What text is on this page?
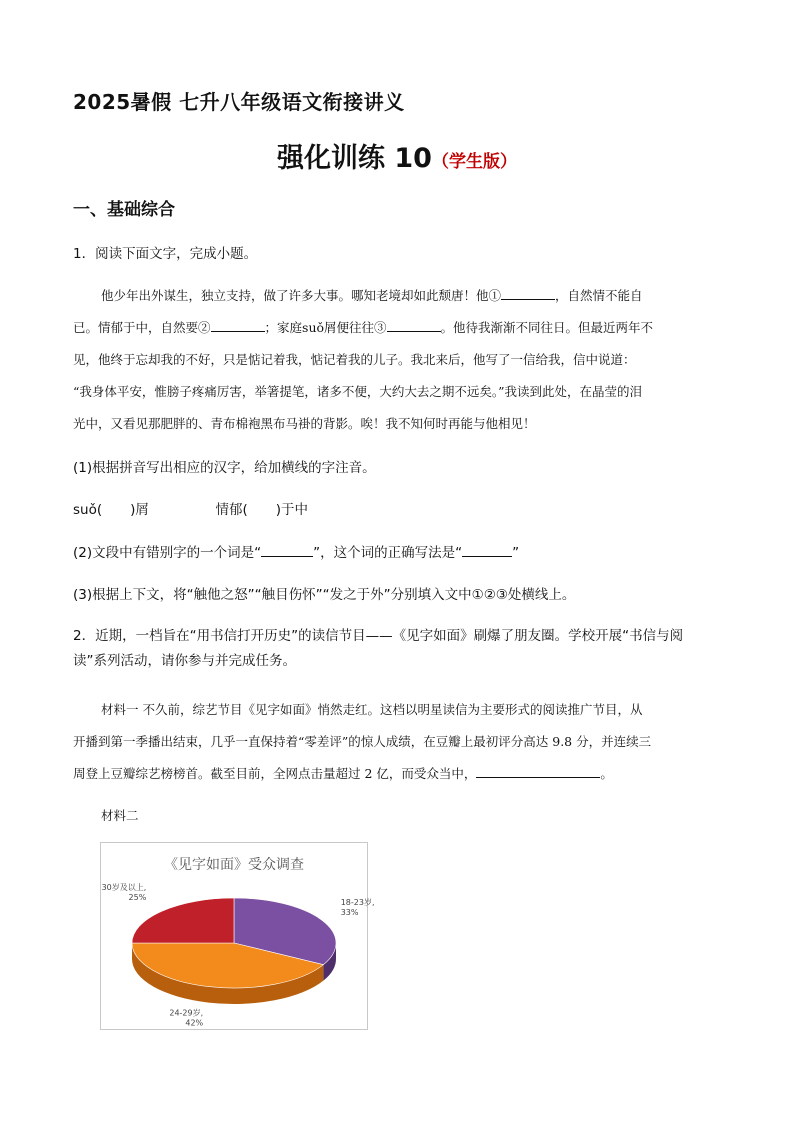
2025暑假 七升八年级语文衔接讲义
强化训练 10（学生版）
一、基础综合
1．阅读下面文字，完成小题。
他少年出外谋生，独立支持，做了许多大事。哪知老境却如此颓唐！他①	，自然情不能自
已。情郁于中，自然要②	；家庭suǒ屑便往往③	。他待我渐渐不同往日。但最近两年不
见，他终于忘却我的不好，只是惦记着我，惦记着我的儿子。我北来后，他写了一信给我，信中说道：
“我身体平安，惟膀子疼痛厉害，举箸提笔，诸多不便，大约大去之期不远矣。”我读到此处，在晶莹的泪
光中，又看见那肥胖的、青布棉袍黑布马褂的背影。唉！我不知何时再能与他相见！
(1)根据拼音写出相应的汉字，给加横线的字注音。
suǒ( )屑	情郁( )于中
(2)文段中有错别字的一个词是“	”，这个词的正确写法是“	”
(3)根据上下文，将“触他之怒”“触目伤怀”“发之于外”分别填入文中①②③处横线上。
2．近期，一档旨在“用书信打开历史”的读信节目——《见字如面》刷爆了朋友圈。学校开展“书信与阅
读”系列活动，请你参与并完成任务。
材料一 不久前，综艺节目《见字如面》悄然走红。这档以明星读信为主要形式的阅读推广节目，从
开播到第一季播出结束，几乎一直保持着“零差评”的惊人成绩，在豆瓣上最初评分高达 9.8 分，并连续三
周登上豆瓣综艺榜榜首。截至目前，全网点击量超过 2 亿，而受众当中，	。
材料二
《见字如面》受众调查
18-23岁, 33%
24-29岁, 42%
30岁及以上, 25%
